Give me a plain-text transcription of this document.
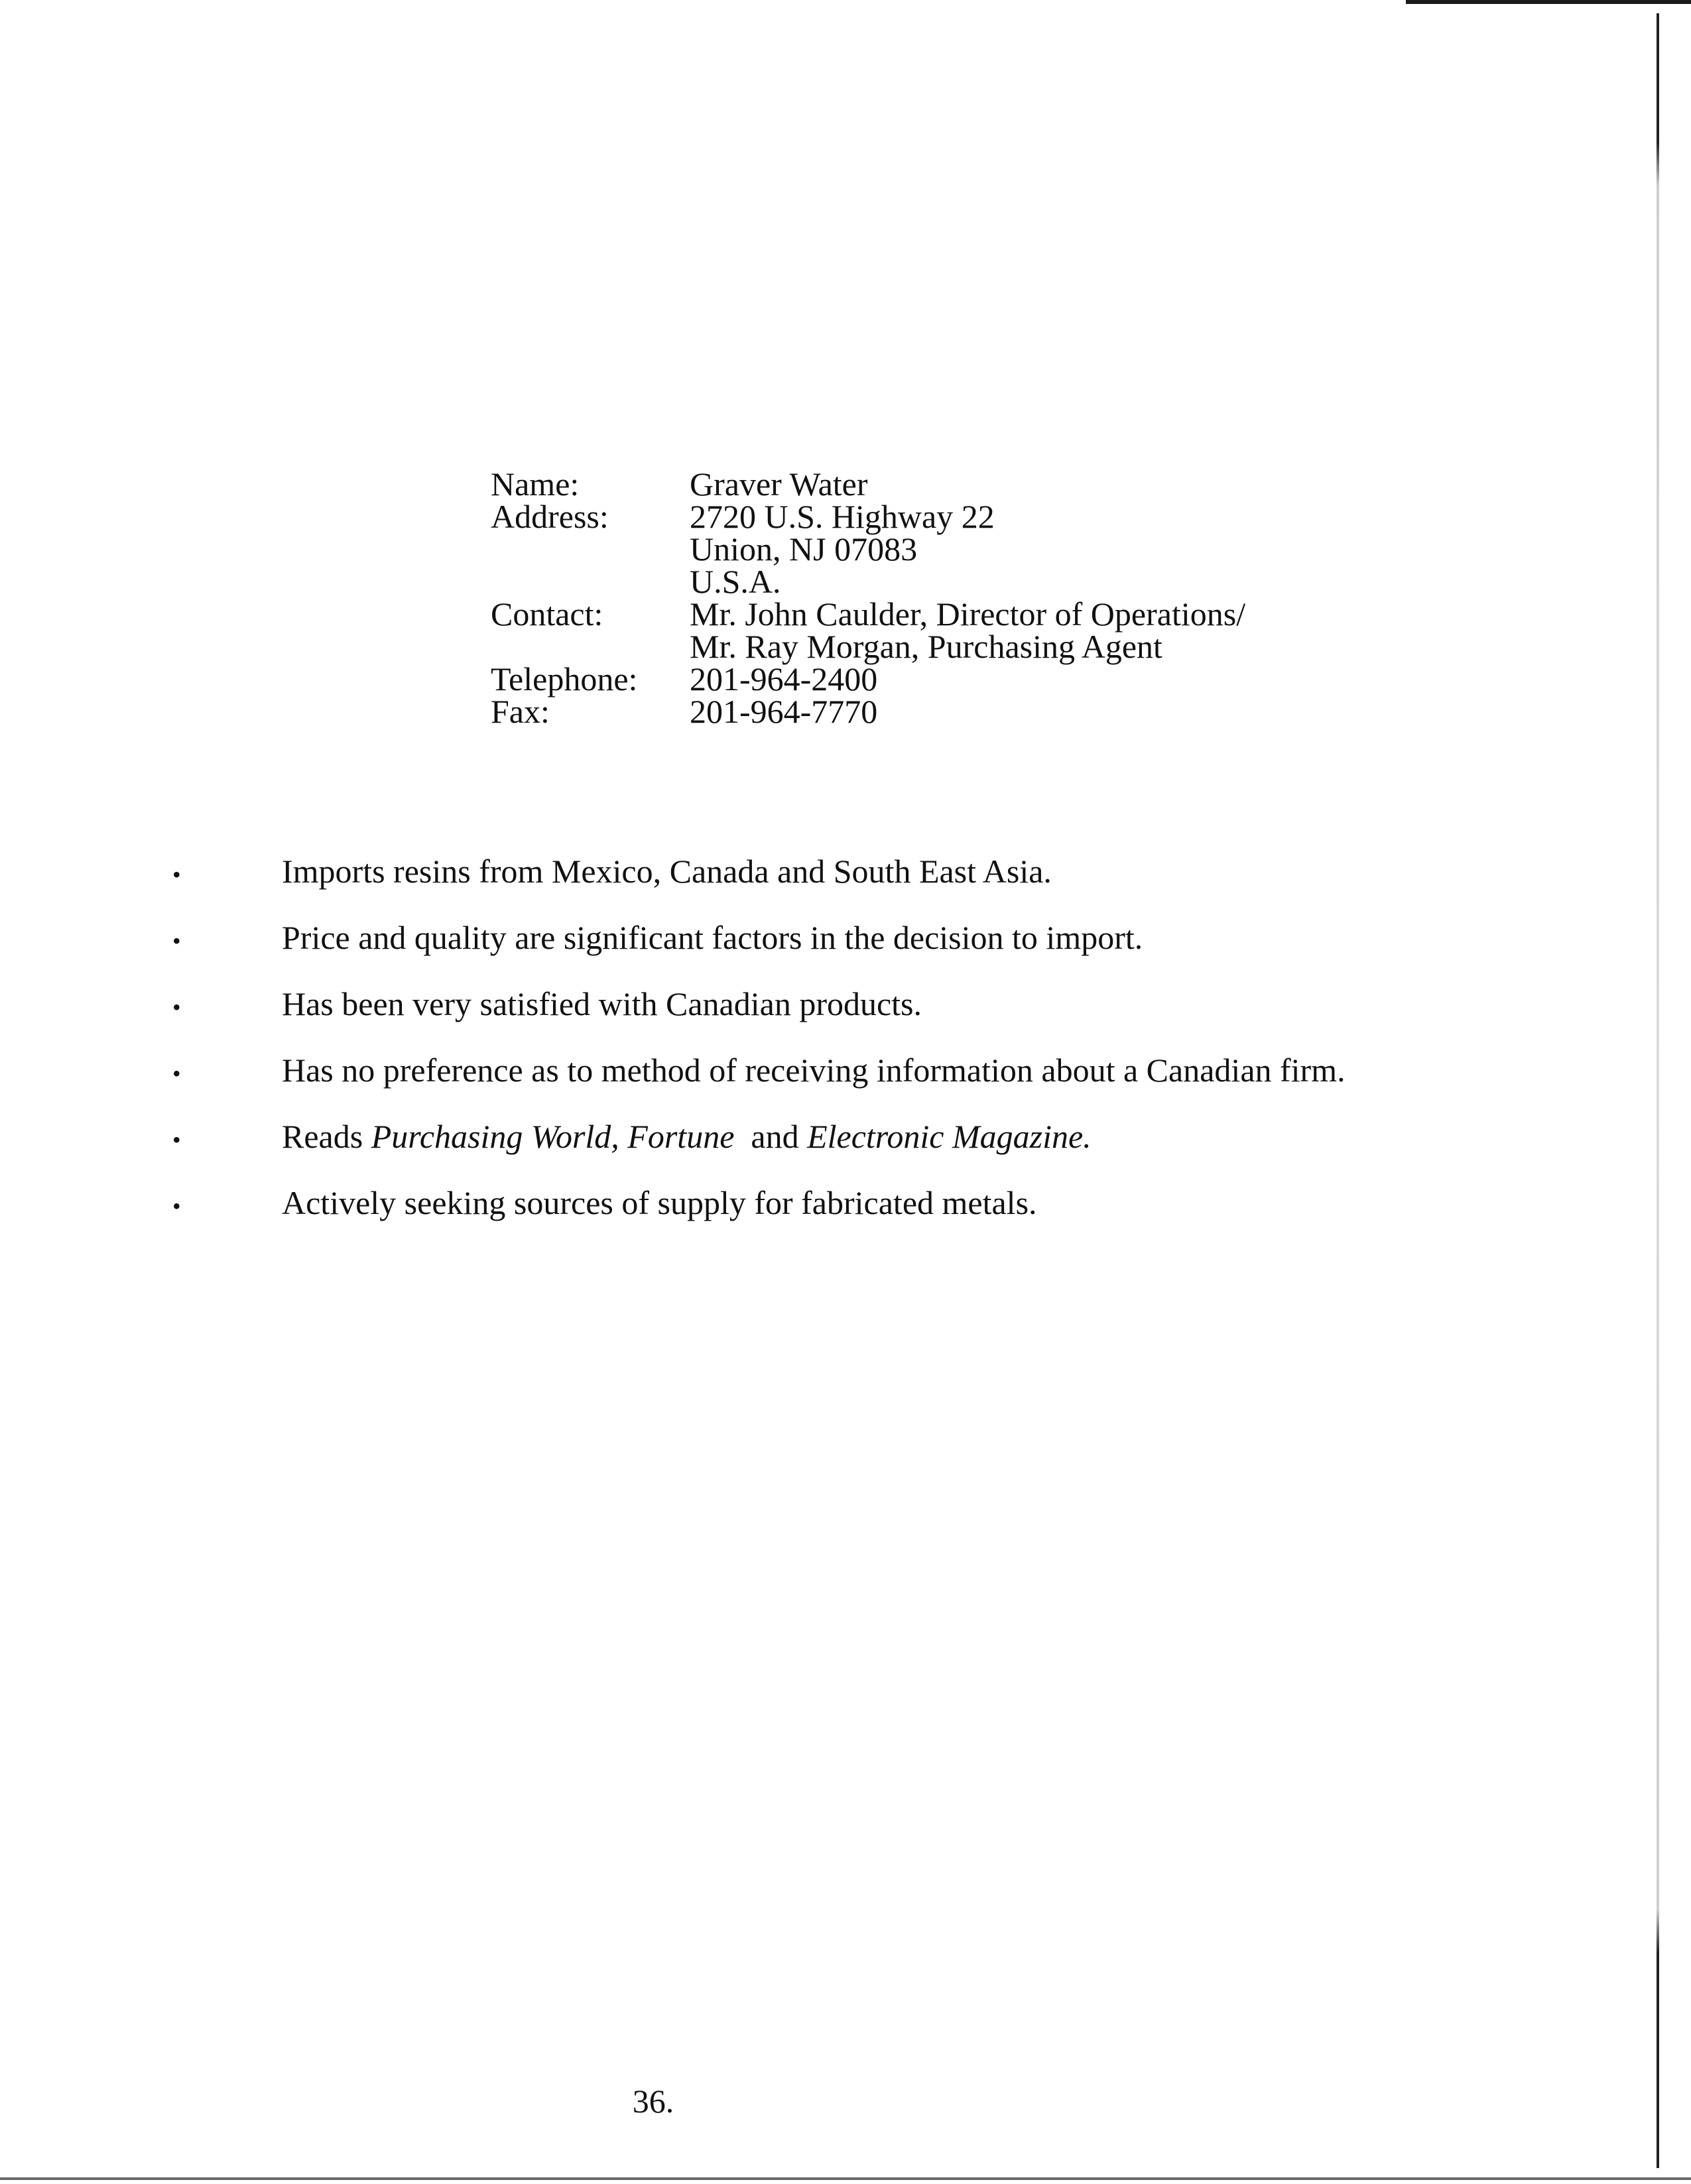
Name:	Graver Water
Address:	2720 U.S. Highway 22
Union, NJ 07083
U.S.A.
Contact:	Mr. John Caulder, Director of Operations/
Mr. Ray Morgan, Purchasing Agent
Telephone:	201-964-2400
Fax:	201-964-7770
•	Imports resins from Mexico, Canada and South East Asia.
•	Price and quality are significant factors in the decision to import.
•	Has been very satisfied with Canadian products.
•	Has no preference as to method of receiving information about a Canadian firm.
•	Reads Purchasing World, Fortune  and Electronic Magazine.
•	Actively seeking sources of supply for fabricated metals.
36.
